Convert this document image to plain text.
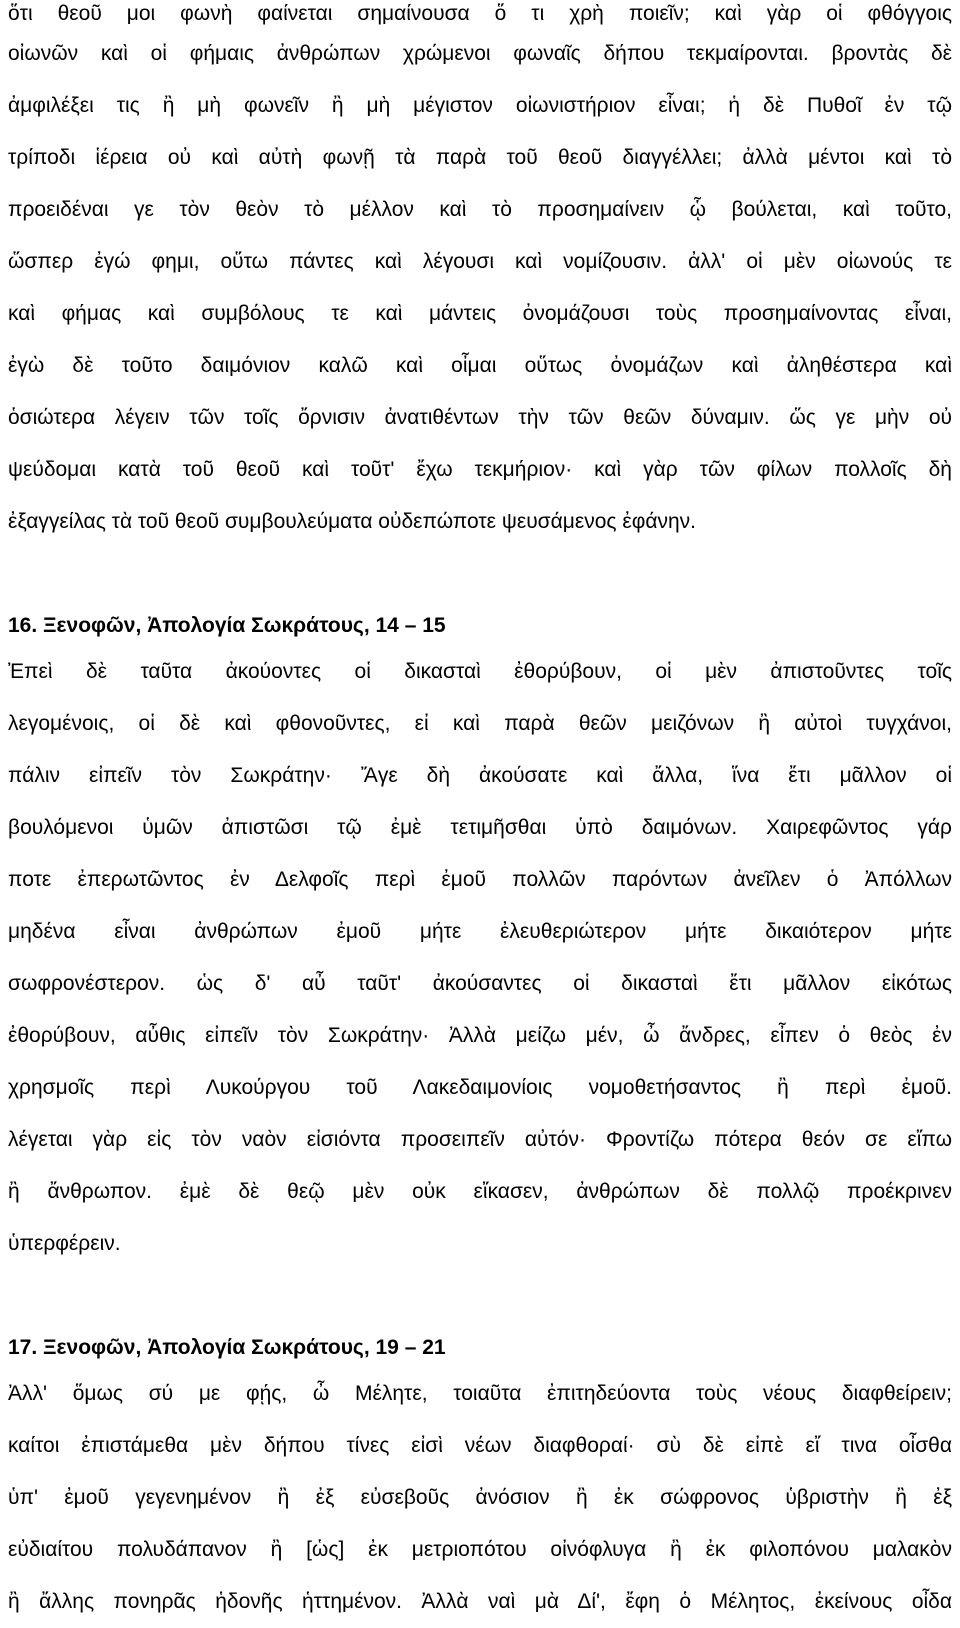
ὅτι θεοῦ μοι φωνὴ φαίνεται σημαίνουσα ὅ τι χρὴ ποιεῖν; καὶ γὰρ οἱ φθόγγοις
οἰωνῶν καὶ οἱ φήμαις ἀνθρώπων χρώμενοι φωναῖς δήπου τεκμαίρονται. βροντὰς δὲ
ἀμφιλέξει τις ἢ μὴ φωνεῖν ἢ μὴ μέγιστον οἰωνιστήριον εἶναι; ἡ δὲ Πυθοῖ ἐν τῷ
τρίποδι ἱέρεια οὐ καὶ αὐτὴ φωνῇ τὰ παρὰ τοῦ θεοῦ διαγγέλλει; ἀλλὰ μέντοι καὶ τὸ
προειδέναι γε τὸν θεὸν τὸ μέλλον καὶ τὸ προσημαίνειν ᾧ βούλεται, καὶ τοῦτο,
ὥσπερ ἐγώ φημι, οὕτω πάντες καὶ λέγουσι καὶ νομίζουσιν. ἀλλ' οἱ μὲν οἰωνούς τε
καὶ φήμας καὶ συμβόλους τε καὶ μάντεις ὀνομάζουσι τοὺς προσημαίνοντας εἶναι,
ἐγὼ δὲ τοῦτο δαιμόνιον καλῶ καὶ οἶμαι οὕτως ὀνομάζων καὶ ἀληθέστερα καὶ
ὁσιώτερα λέγειν τῶν τοῖς ὄρνισιν ἀνατιθέντων τὴν τῶν θεῶν δύναμιν. ὥς γε μὴν οὐ
ψεύδομαι κατὰ τοῦ θεοῦ καὶ τοῦτ' ἔχω τεκμήριον· καὶ γὰρ τῶν φίλων πολλοῖς δὴ
ἐξαγγείλας τὰ τοῦ θεοῦ συμβουλεύματα οὐδεπώποτε ψευσάμενος ἐφάνην.
16. Ξενοφῶν, Ἀπολογία Σωκράτους, 14 – 15
Ἐπεὶ δὲ ταῦτα ἀκούοντες οἱ δικασταὶ ἐθορύβουν, οἱ μὲν ἀπιστοῦντες τοῖς
λεγομένοις, οἱ δὲ καὶ φθονοῦντες, εἰ καὶ παρὰ θεῶν μειζόνων ἢ αὐτοὶ τυγχάνοι,
πάλιν εἰπεῖν τὸν Σωκράτην· Ἄγε δὴ ἀκούσατε καὶ ἄλλα, ἵνα ἔτι μᾶλλον οἱ
βουλόμενοι ὑμῶν ἀπιστῶσι τῷ ἐμὲ τετιμῆσθαι ὑπὸ δαιμόνων. Χαιρεφῶντος γάρ
ποτε ἐπερωτῶντος ἐν Δελφοῖς περὶ ἐμοῦ πολλῶν παρόντων ἀνεῖλεν ὁ Ἀπόλλων
μηδένα εἶναι ἀνθρώπων ἐμοῦ μήτε ἐλευθεριώτερον μήτε δικαιότερον μήτε
σωφρονέστερον. ὡς δ' αὖ ταῦτ' ἀκούσαντες οἱ δικασταὶ ἔτι μᾶλλον εἰκότως
ἐθορύβουν, αὖθις εἰπεῖν τὸν Σωκράτην· Ἀλλὰ μείζω μέν, ὦ ἄνδρες, εἶπεν ὁ θεὸς ἐν
χρησμοῖς περὶ Λυκούργου τοῦ Λακεδαιμονίοις νομοθετήσαντος ἢ περὶ ἐμοῦ.
λέγεται γὰρ εἰς τὸν ναὸν εἰσιόντα προσειπεῖν αὐτόν· Φροντίζω πότερα θεόν σε εἴπω
ἢ ἄνθρωπον. ἐμὲ δὲ θεῷ μὲν οὐκ εἴκασεν, ἀνθρώπων δὲ πολλῷ προέκρινεν
ὑπερφέρειν.
17. Ξενοφῶν, Ἀπολογία Σωκράτους, 19 – 21
Ἀλλ' ὅμως σύ με φῄς, ὦ Μέλητε, τοιαῦτα ἐπιτηδεύοντα τοὺς νέους διαφθείρειν;
καίτοι ἐπιστάμεθα μὲν δήπου τίνες εἰσὶ νέων διαφθοραί· σὺ δὲ εἰπὲ εἴ τινα οἶσθα
ὑπ' ἐμοῦ γεγενημένον ἢ ἐξ εὐσεβοῦς ἀνόσιον ἢ ἐκ σώφρονος ὑβριστὴν ἢ ἐξ
εὐδιαίτου πολυδάπανον ἢ [ὡς] ἐκ μετριοπότου οἰνόφλυγα ἢ ἐκ φιλοπόνου μαλακὸν
ἢ ἄλλης πονηρᾶς ἡδονῆς ἡττημένον. Ἀλλὰ ναὶ μὰ Δί', ἔφη ὁ Μέλητος, ἐκείνους οἶδα
